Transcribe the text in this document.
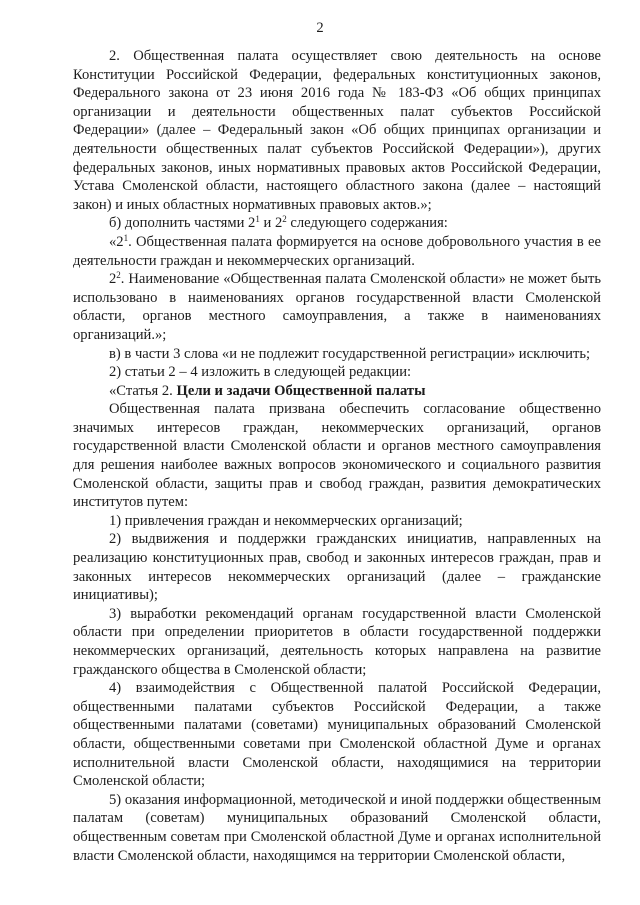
2

2. Общественная палата осуществляет свою деятельность на основе Конституции Российской Федерации, федеральных конституционных законов, Федерального закона от 23 июня 2016 года № 183-ФЗ «Об общих принципах организации и деятельности общественных палат субъектов Российской Федерации» (далее – Федеральный закон «Об общих принципах организации и деятельности общественных палат субъектов Российской Федерации»), других федеральных законов, иных нормативных правовых актов Российской Федерации, Устава Смоленской области, настоящего областного закона (далее – настоящий закон) и иных областных нормативных правовых актов.»;

б) дополнить частями $2^1$ и $2^2$ следующего содержания:

«$2^1$. Общественная палата формируется на основе добровольного участия в ее деятельности граждан и некоммерческих организаций.

$2^2$. Наименование «Общественная палата Смоленской области» не может быть использовано в наименованиях органов государственной власти Смоленской области, органов местного самоуправления, а также в наименованиях организаций.»;

в) в части 3 слова «и не подлежит государственной регистрации» исключить;

2) статьи 2 – 4 изложить в следующей редакции:

«Статья 2. Цели и задачи Общественной палаты

Общественная палата призвана обеспечить согласование общественно значимых интересов граждан, некоммерческих организаций, органов государственной власти Смоленской области и органов местного самоуправления для решения наиболее важных вопросов экономического и социального развития Смоленской области, защиты прав и свобод граждан, развития демократических институтов путем:

1) привлечения граждан и некоммерческих организаций;

2) выдвижения и поддержки гражданских инициатив, направленных на реализацию конституционных прав, свобод и законных интересов граждан, прав и законных интересов некоммерческих организаций (далее – гражданские инициативы);

3) выработки рекомендаций органам государственной власти Смоленской области при определении приоритетов в области государственной поддержки некоммерческих организаций, деятельность которых направлена на развитие гражданского общества в Смоленской области;

4) взаимодействия с Общественной палатой Российской Федерации, общественными палатами субъектов Российской Федерации, а также общественными палатами (советами) муниципальных образований Смоленской области, общественными советами при Смоленской областной Думе и органах исполнительной власти Смоленской области, находящимися на территории Смоленской области;

5) оказания информационной, методической и иной поддержки общественным палатам (советам) муниципальных образований Смоленской области, общественным советам при Смоленской областной Думе и органах исполнительной власти Смоленской области, находящимся на территории Смоленской области,
